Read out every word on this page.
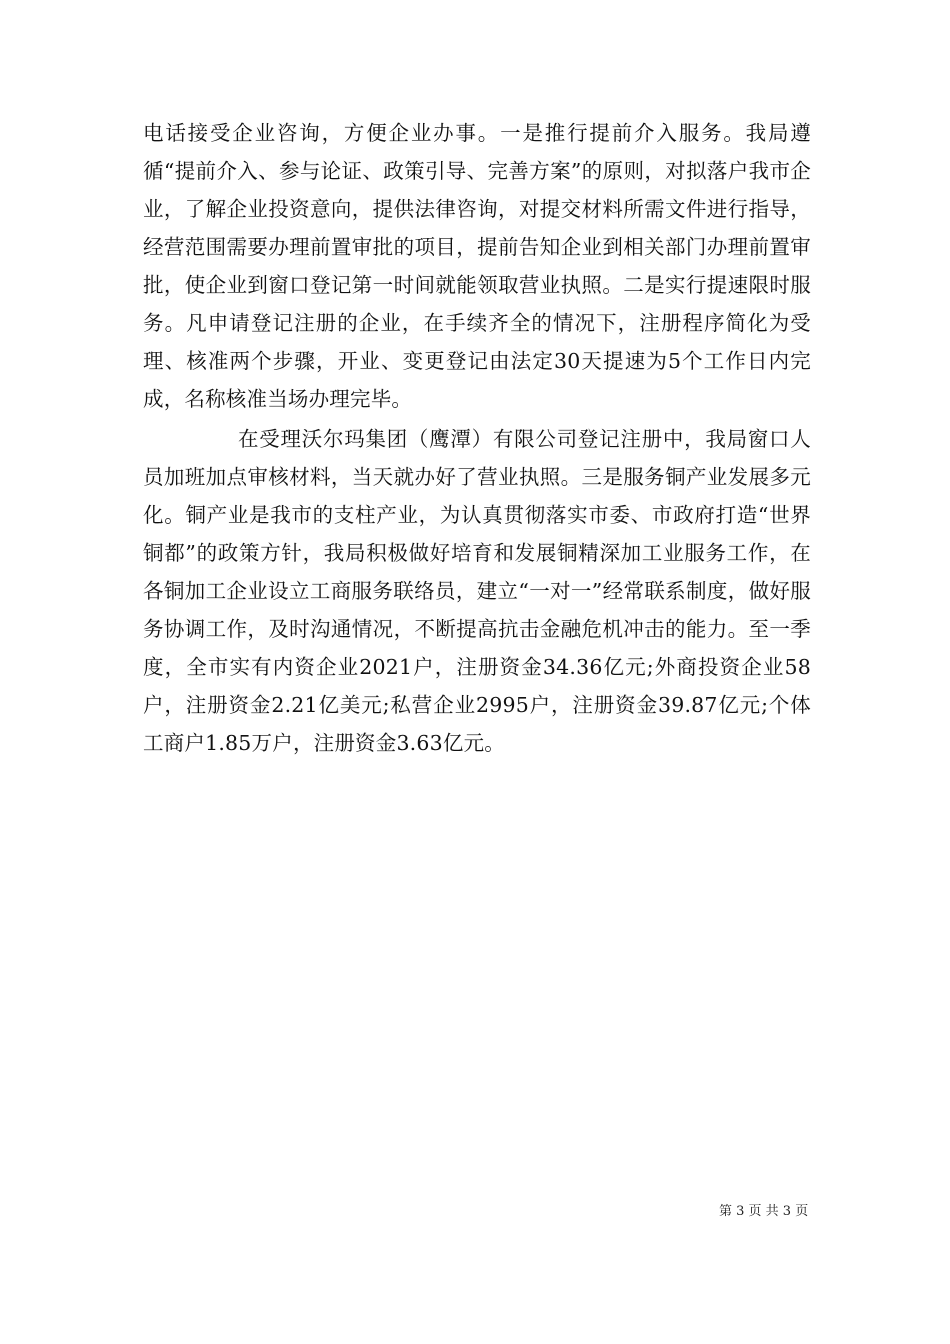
电话接受企业咨询，方便企业办事。一是推行提前介入服务。我局遵循“提前介入、参与论证、政策引导、完善方案”的原则，对拟落户我市企业，了解企业投资意向，提供法律咨询，对提交材料所需文件进行指导，经营范围需要办理前置审批的项目，提前告知企业到相关部门办理前置审批，使企业到窗口登记第一时间就能领取营业执照。二是实行提速限时服务。凡申请登记注册的企业，在手续齐全的情况下，注册程序简化为受理、核准两个步骤，开业、变更登记由法定30天提速为5个工作日内完成，名称核准当场办理完毕。

在受理沃尔玛集团（鹰潭）有限公司登记注册中，我局窗口人员加班加点审核材料，当天就办好了营业执照。三是服务铜产业发展多元化。铜产业是我市的支柱产业，为认真贯彻落实市委、市政府打造“世界铜都”的政策方针，我局积极做好培育和发展铜精深加工业服务工作，在各铜加工企业设立工商服务联络员，建立“一对一”经常联系制度，做好服务协调工作，及时沟通情况，不断提高抗击金融危机冲击的能力。至一季度，全市实有内资企业2021户，注册资金34.36亿元;外商投资企业58户，注册资金2.21亿美元;私营企业2995户，注册资金39.87亿元;个体工商户1.85万户，注册资金3.63亿元。

第 3 页 共 3 页
